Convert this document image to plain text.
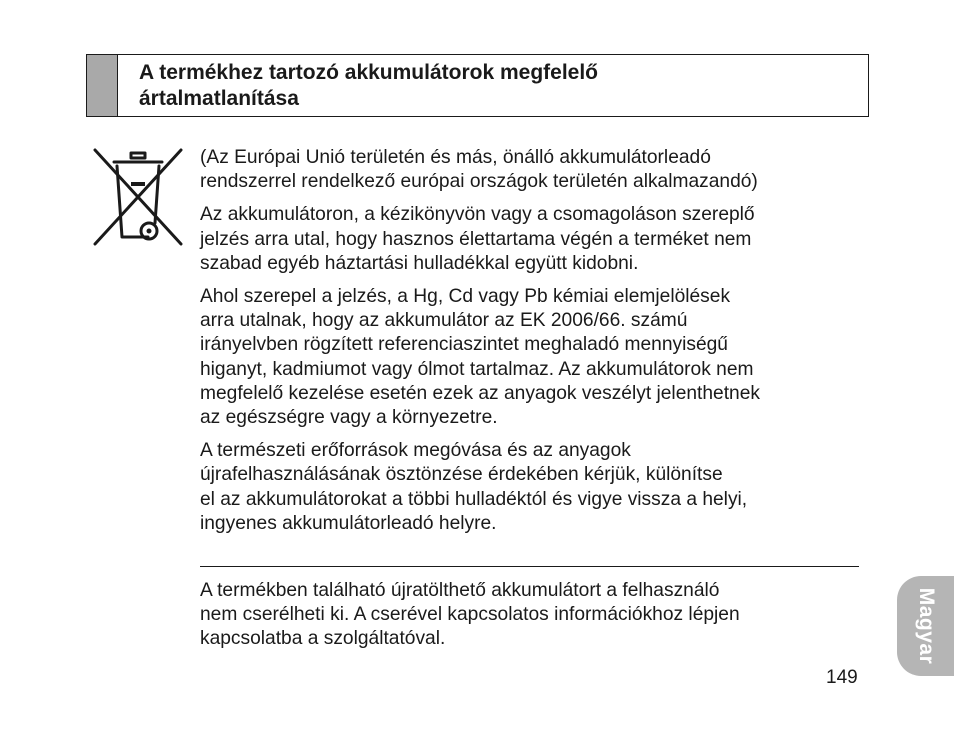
A termékhez tartozó akkumulátorok megfelelő
ártalmatlanítása

(Az Európai Unió területén és más, önálló akkumulátorleadó
rendszerrel rendelkező európai országok területén alkalmazandó)

Az akkumulátoron, a kézikönyvön vagy a csomagoláson szereplő
jelzés arra utal, hogy hasznos élettartama végén a terméket nem
szabad egyéb háztartási hulladékkal együtt kidobni.

Ahol szerepel a jelzés, a Hg, Cd vagy Pb kémiai elemjelölések
arra utalnak, hogy az akkumulátor az EK 2006/66. számú
irányelvben rögzített referenciaszintet meghaladó mennyiségű
higanyt, kadmiumot vagy ólmot tartalmaz. Az akkumulátorok nem
megfelelő kezelése esetén ezek az anyagok veszélyt jelenthetnek
az egészségre vagy a környezetre.

A természeti erőforrások megóvása és az anyagok
újrafelhasználásának ösztönzése érdekében kérjük, különítse
el az akkumulátorokat a többi hulladéktól és vigye vissza a helyi,
ingyenes akkumulátorleadó helyre.

A termékben található újratölthető akkumulátort a felhasználó
nem cserélheti ki. A cserével kapcsolatos információkhoz lépjen
kapcsolatba a szolgáltatóval.

149
Magyar
